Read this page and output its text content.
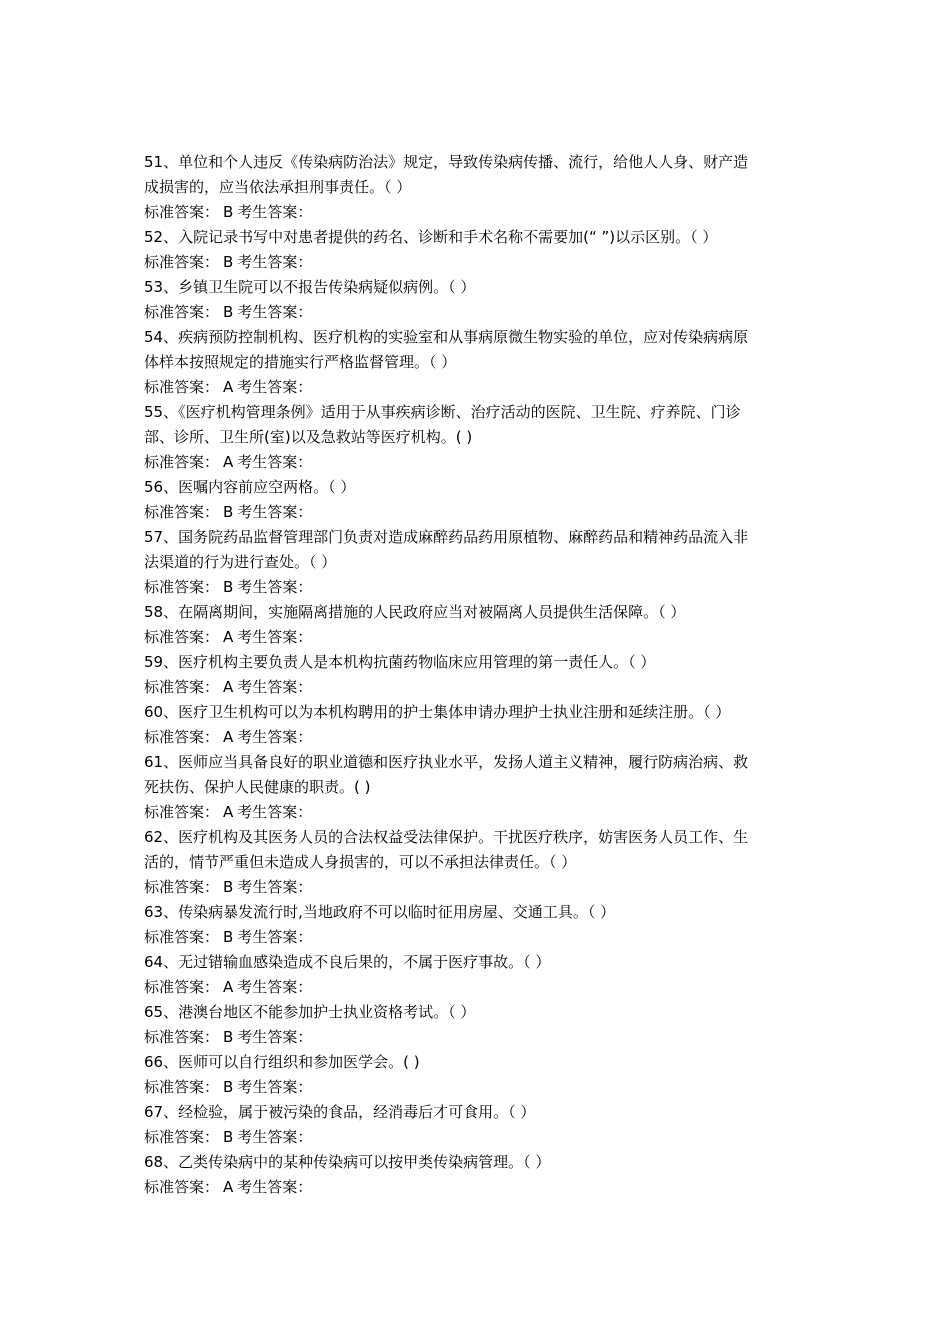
51、单位和个人违反《传染病防治法》规定，导致传染病传播、流行，给他人人身、财产造
成损害的，应当依法承担刑事责任。（ ）
标准答案： B 考生答案：
52、入院记录书写中对患者提供的药名、诊断和手术名称不需要加(“ ”)以示区别。（ ）
标准答案： B 考生答案：
53、乡镇卫生院可以不报告传染病疑似病例。（ ）
标准答案： B 考生答案：
54、疾病预防控制机构、医疗机构的实验室和从事病原微生物实验的单位，应对传染病病原
体样本按照规定的措施实行严格监督管理。（ ）
标准答案： A 考生答案：
55、《医疗机构管理条例》适用于从事疾病诊断、治疗活动的医院、卫生院、疗养院、门诊
部、诊所、卫生所(室)以及急救站等医疗机构。( )
标准答案： A 考生答案：
56、医嘱内容前应空两格。（ ）
标准答案： B 考生答案：
57、国务院药品监督管理部门负责对造成麻醉药品药用原植物、麻醉药品和精神药品流入非
法渠道的行为进行查处。（ ）
标准答案： B 考生答案：
58、在隔离期间，实施隔离措施的人民政府应当对被隔离人员提供生活保障。（ ）
标准答案： A 考生答案：
59、医疗机构主要负责人是本机构抗菌药物临床应用管理的第一责任人。（ ）
标准答案： A 考生答案：
60、医疗卫生机构可以为本机构聘用的护士集体申请办理护士执业注册和延续注册。（ ）
标准答案： A 考生答案：
61、医师应当具备良好的职业道德和医疗执业水平，发扬人道主义精神，履行防病治病、救
死扶伤、保护人民健康的职责。( )
标准答案： A 考生答案：
62、医疗机构及其医务人员的合法权益受法律保护。干扰医疗秩序，妨害医务人员工作、生
活的，情节严重但未造成人身损害的，可以不承担法律责任。（ ）
标准答案： B 考生答案：
63、传染病暴发流行时,当地政府不可以临时征用房屋、交通工具。（ ）
标准答案： B 考生答案：
64、无过错输血感染造成不良后果的，不属于医疗事故。（ ）
标准答案： A 考生答案：
65、港澳台地区不能参加护士执业资格考试。（ ）
标准答案： B 考生答案：
66、医师可以自行组织和参加医学会。( )
标准答案： B 考生答案：
67、经检验，属于被污染的食品，经消毒后才可食用。（ ）
标准答案： B 考生答案：
68、乙类传染病中的某种传染病可以按甲类传染病管理。（ ）
标准答案： A 考生答案：
